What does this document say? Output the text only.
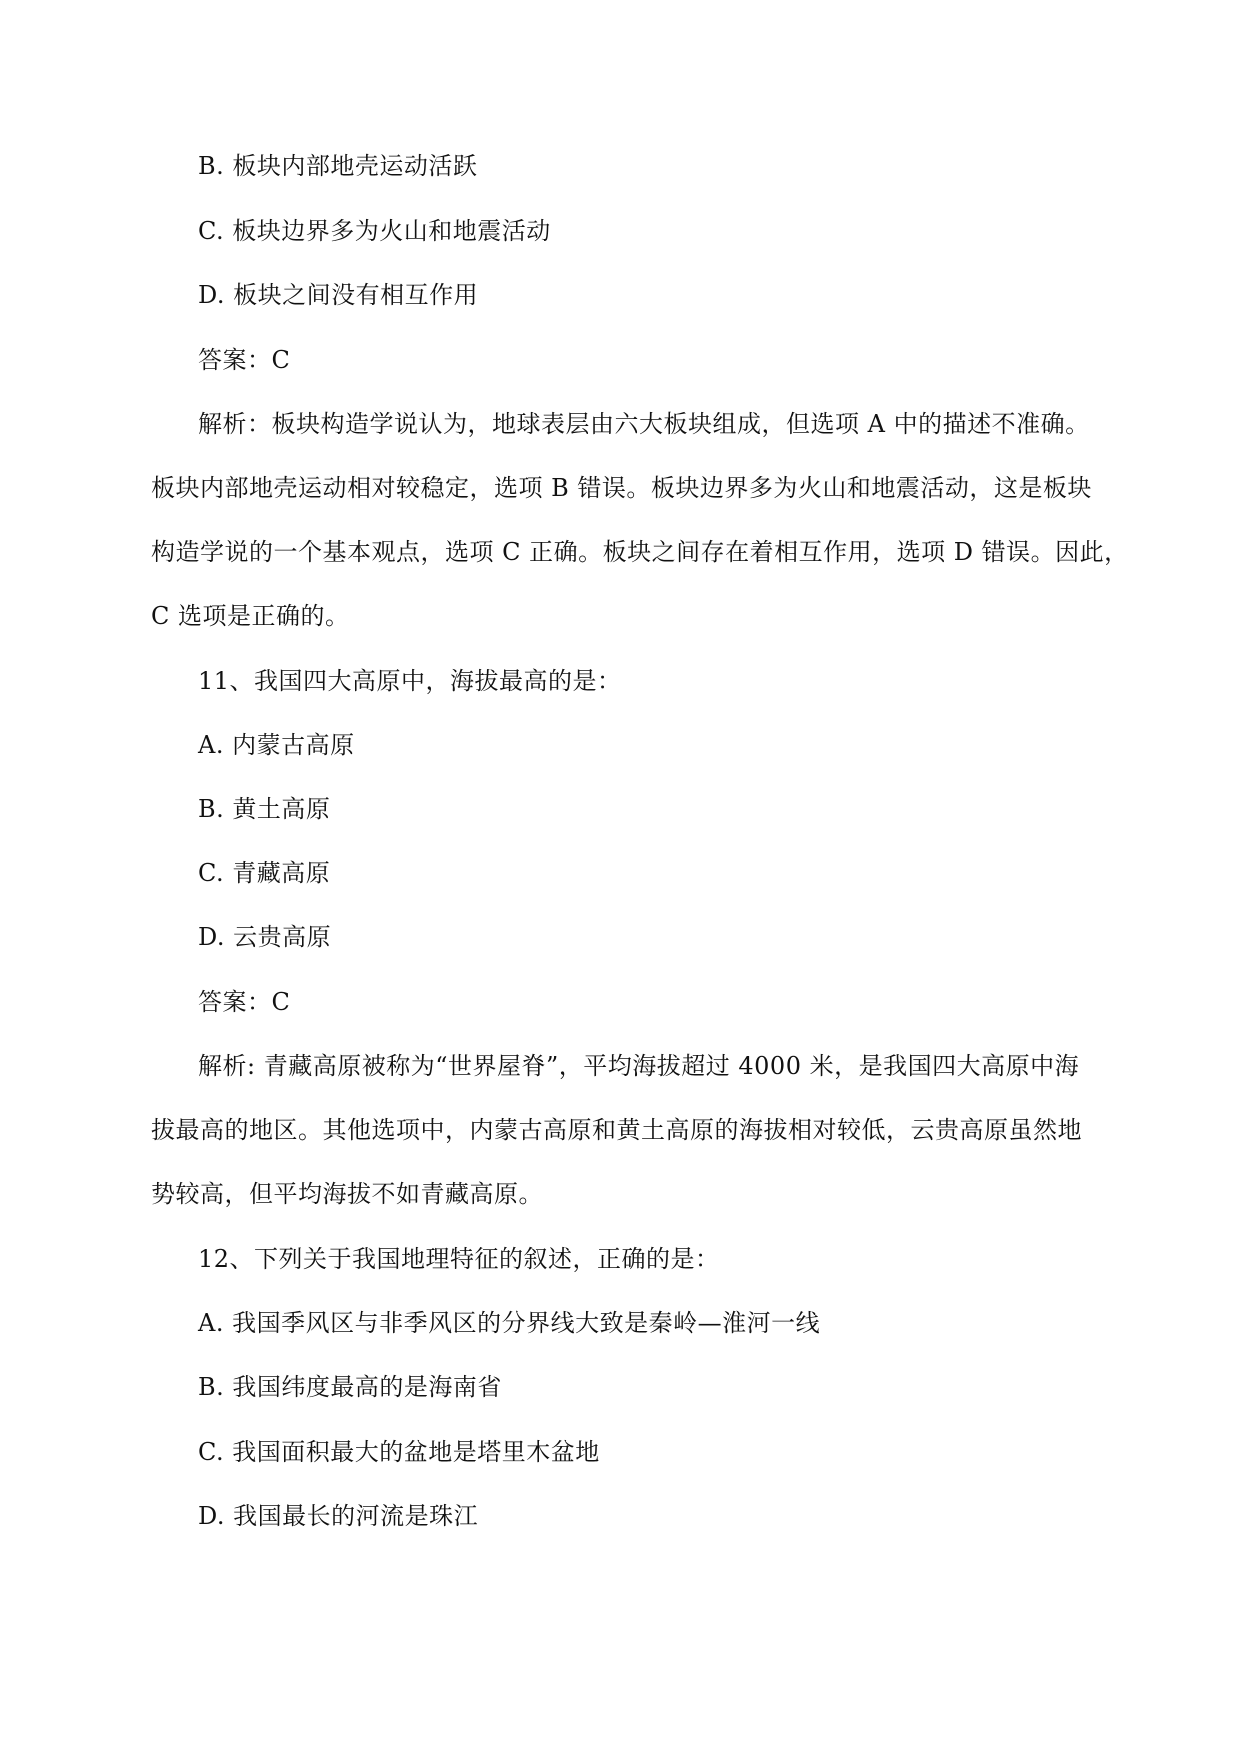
B. 板块内部地壳运动活跃
C. 板块边界多为火山和地震活动
D. 板块之间没有相互作用
答案：C
解析：板块构造学说认为，地球表层由六大板块组成，但选项 A 中的描述不准确。
板块内部地壳运动相对较稳定，选项 B 错误。板块边界多为火山和地震活动，这是板块
构造学说的一个基本观点，选项 C 正确。板块之间存在着相互作用，选项 D 错误。因此，
C 选项是正确的。
11、我国四大高原中，海拔最高的是：
A. 内蒙古高原
B. 黄土高原
C. 青藏高原
D. 云贵高原
答案：C
解析: 青藏高原被称为“世界屋脊”，平均海拔超过 4000 米，是我国四大高原中海
拔最高的地区。其他选项中，内蒙古高原和黄土高原的海拔相对较低，云贵高原虽然地
势较高，但平均海拔不如青藏高原。
12、下列关于我国地理特征的叙述，正确的是：
A. 我国季风区与非季风区的分界线大致是秦岭—淮河一线
B. 我国纬度最高的是海南省
C. 我国面积最大的盆地是塔里木盆地
D. 我国最长的河流是珠江
